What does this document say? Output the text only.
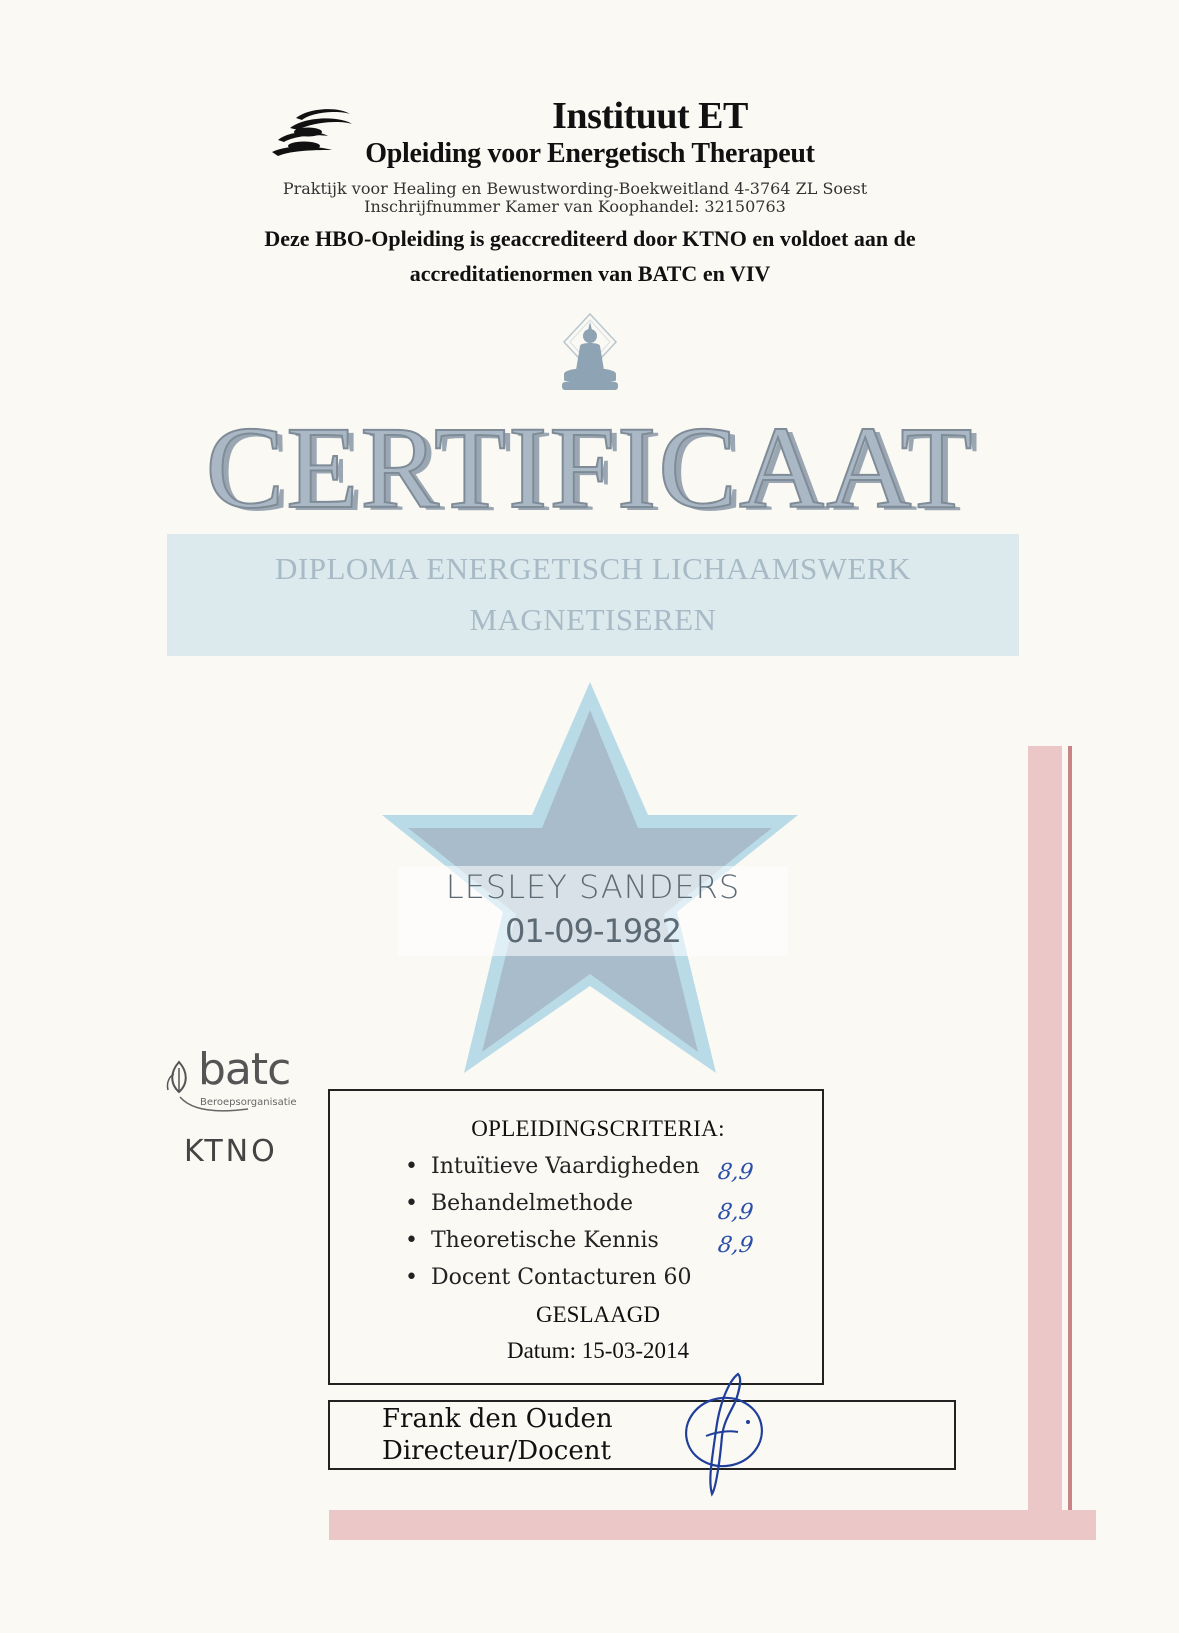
Instituut ET
Opleiding voor Energetisch Therapeut
Praktijk voor Healing en Bewustwording-Boekweitland 4-3764 ZL Soest
Inschrijfnummer Kamer van Koophandel: 32150763
Deze HBO-Opleiding is geaccrediteerd door KTNO en voldoet aan de
accreditatienormen van BATC en VIV
CERTIFICAAT
DIPLOMA ENERGETISCH LICHAAMSWERK
MAGNETISEREN
LESLEY SANDERS
01-09-1982
batc
Beroepsorganisatie
KTNO
OPLEIDINGSCRITERIA:
• Intuïtieve Vaardigheden 8,9
• Behandelmethode	8,9
• Theoretische Kennis	8,9
• Docent Contacturen 60
GESLAAGD
Datum: 15-03-2014
Frank den Ouden
Directeur/Docent
